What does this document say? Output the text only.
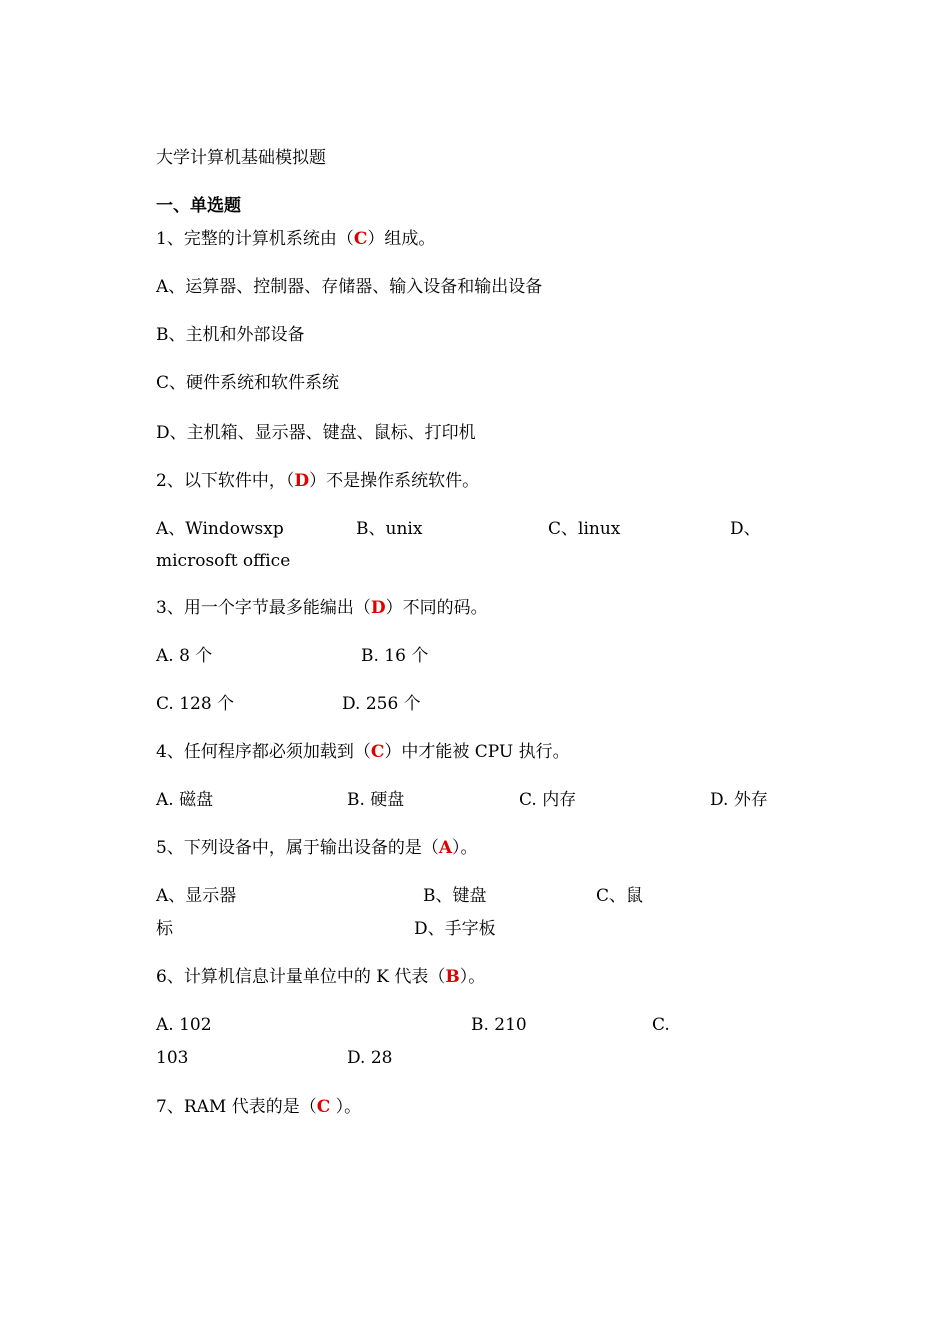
大学计算机基础模拟题
一、单选题
1、完整的计算机系统由（C）组成。
A、运算器、控制器、存储器、输入设备和输出设备
B、主机和外部设备
C、硬件系统和软件系统
D、主机箱、显示器、键盘、鼠标、打印机
2、以下软件中，（D）不是操作系统软件。
A、Windowsxp	B、unix	C、linux	D、
microsoft office
3、用一个字节最多能编出（D）不同的码。
A. 8 个	B. 16 个
C. 128 个	D. 256 个
4、任何程序都必须加载到（C）中才能被 CPU 执行。
A. 磁盘	B. 硬盘	C. 内存	D. 外存
5、下列设备中，属于输出设备的是（A）。
A、显示器	B、键盘	C、鼠
标	D、手字板
6、计算机信息计量单位中的 K 代表（B）。
A. 102	B. 210	C.
103	D. 28
7、RAM 代表的是（C ）。
